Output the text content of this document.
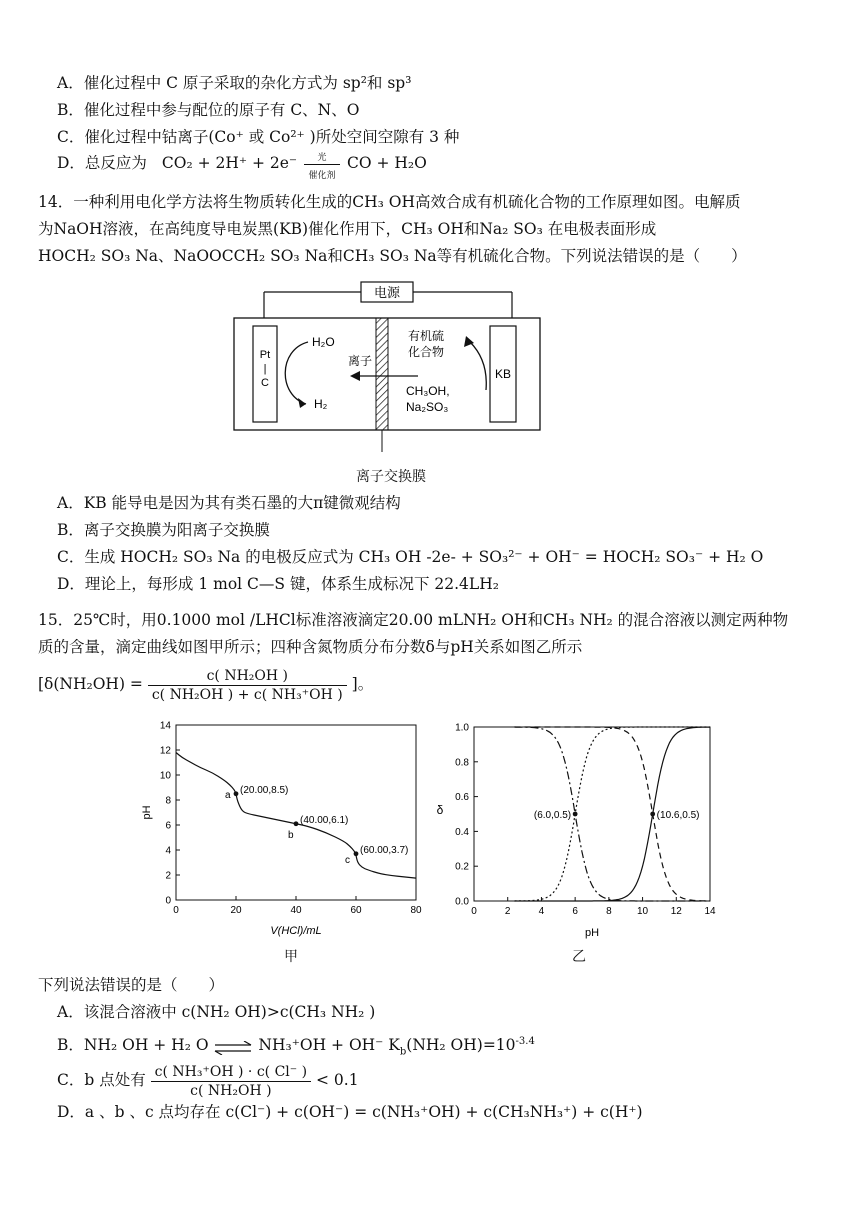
A．催化过程中 C 原子采取的杂化方式为 sp²和 sp³
B．催化过程中参与配位的原子有 C、N、O
C．催化过程中钴离子(Co⁺ 或 Co²⁺ )所处空间空隙有 3 种
D．总反应为 CO₂ + 2H⁺ + 2e⁻	光
催化剂
CO + H₂O
14．一种利用电化学方法将生物质转化生成的CH₃ OH高效合成有机硫化合物的工作原理如图。电解质
为NaOH溶液，在高纯度导电炭黑(KB)催化作用下，CH₃ OH和Na₂ SO₃ 在电极表面形成
HOCH₂ SO₃ Na、NaOOCCH₂ SO₃ Na和CH₃ SO₃ Na等有机硫化合物。下列说法错误的是（　　）
电源
Pt
|
C
H₂O
H₂
离子
有机硫
化合物
CH₃OH,
Na₂SO₃
KB
离子交换膜
A．KB 能导电是因为其有类石墨的大π键微观结构
B．离子交换膜为阳离子交换膜
C．生成 HOCH₂ SO₃ Na 的电极反应式为 CH₃ OH -2e- + SO₃²⁻ + OH⁻ = HOCH₂ SO₃⁻ + H₂ O
D．理论上，每形成 1 mol C—S 键，体系生成标况下 22.4LH₂
15．25℃时，用0.1000 mol /LHCl标准溶液滴定20.00 mLNH₂ OH和CH₃ NH₂ 的混合溶液以测定两种物
质的含量，滴定曲线如图甲所示；四种含氮物质分布分数δ与pH关系如图乙所示
[$\delta(NH_2OH) = \frac{\text{c( NH₂OH )}}{\text{c( NH₂OH ) + c( NH₃⁺OH )}}$ ]。
0	20	40	60	80
0
2
4
6
8
10
12
14
V(HCl)/mL
pH
a (20.00,8.5)
b
(40.00,6.1)
c
(60.00,3.7)
甲
0	2	4	6	8	10 12 14
0.0
0.2
0.4
0.6
0.8
1.0
pH
δ	(6.0,0.5)	(10.6,0.5)
乙
下列说法错误的是（　　）
A．该混合溶液中 c(NH₂ OH)>c(CH₃ NH₂ )
B．NH₂ OH + H₂ O ⇌ NH₃⁺OH + OH⁻ $K_b(NH_2$ $OH)=10^{-3.4}$
C．b 点处有 $\frac{\text{c( NH₃⁺OH ) · c( Cl⁻ )}}{\text{c( NH₂OH )}} < 0.1$
D．a 、b 、c 点均存在 c(Cl⁻) + c(OH⁻) = c(NH₃⁺OH) + c(CH₃NH₃⁺) + c(H⁺)
